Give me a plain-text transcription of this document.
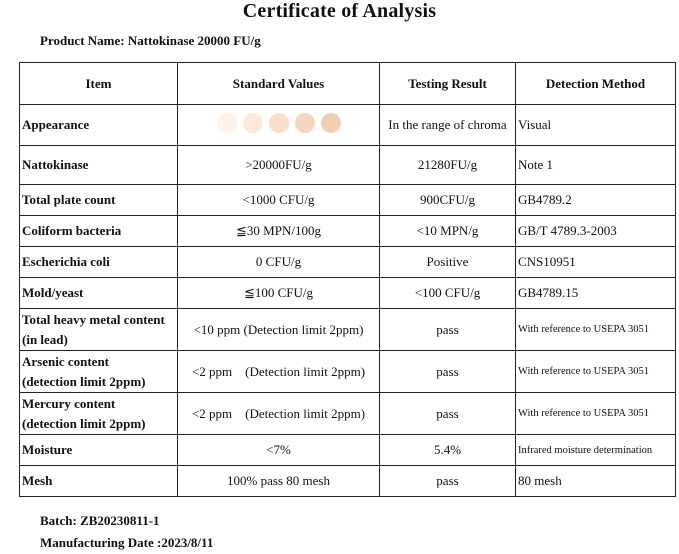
Certificate of Analysis
Product Name: Nattokinase 20000 FU/g
Item	Standard Values	Testing Result	Detection Method
Appearance		In the range of chroma	Visual
Nattokinase	>20000FU/g	21280FU/g	Note 1
Total plate count	<1000 CFU/g	900CFU/g	GB4789.2
Coliform bacteria	≦30 MPN/100g	<10 MPN/g	GB/T 4789.3-2003
Escherichia coli	0 CFU/g	Positive	CNS10951
Mold/yeast	≦100 CFU/g	<100 CFU/g	GB4789.15

Total heavy metal content
(in lead)	<10 ppm (Detection limit 2ppm)	pass	With reference to USEPA 3051

Arsenic content
(detection limit 2ppm)	<2 ppm (Detection limit 2ppm)	pass	With reference to USEPA 3051

Mercury content
(detection limit 2ppm)	<2 ppm (Detection limit 2ppm)	pass	With reference to USEPA 3051
Moisture	<7%	5.4%	Infrared moisture determination
Mesh	100% pass 80 mesh	pass	80 mesh
Batch: ZB20230811-1
Manufacturing Date :2023/8/11
